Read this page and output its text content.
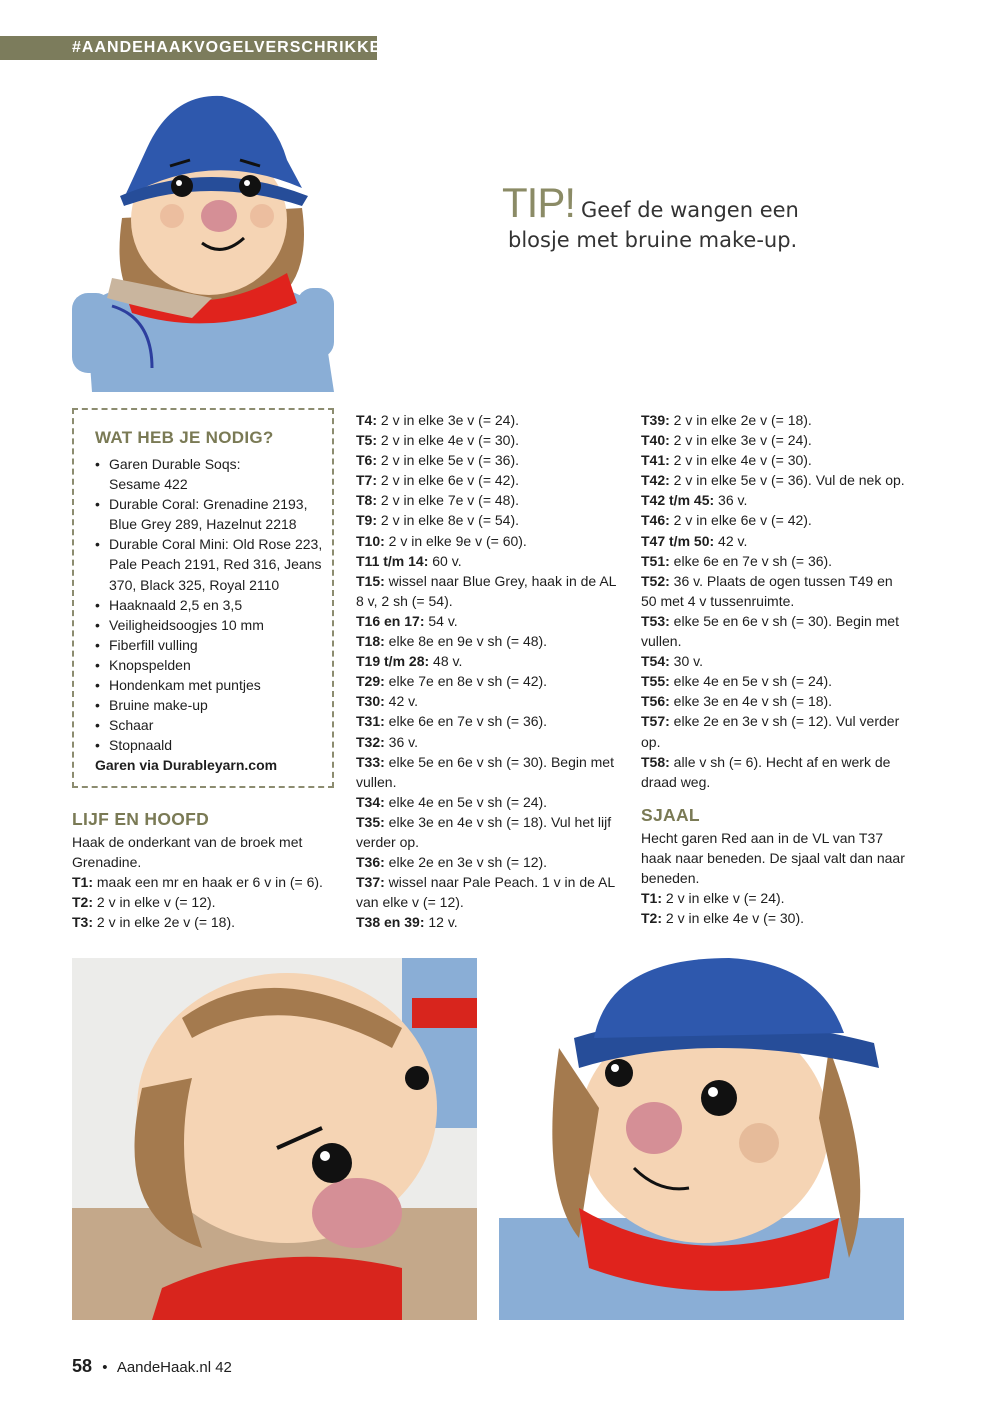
#AANDEHAAKVOGELVERSCHRIKKER
TIP! Geef de wangen een
blosje met bruine make-up.
WAT HEB JE NODIG?
• Garen Durable Soqs: Sesame 422
• Durable Coral: Grenadine 2193, Blue Grey 289, Hazelnut 2218
• Durable Coral Mini: Old Rose 223, Pale Peach 2191, Red 316, Jeans 370, Black 325, Royal 2110
• Haaknaald 2,5 en 3,5
• Veiligheidsoogjes 10 mm
• Fiberfill vulling
• Knopspelden
• Hondenkam met puntjes
• Bruine make-up
• Schaar
• Stopnaald
Garen via Durableyarn.com
LIJF EN HOOFD

Haak de onderkant van de broek met Grenadine.

T1: maak een mr en haak er 6 v in (= 6).

T2: 2 v in elke v (= 12).

T3: 2 v in elke 2e v (= 18).

T4: 2 v in elke 3e v (= 24).

T5: 2 v in elke 4e v (= 30).

T6: 2 v in elke 5e v (= 36).

T7: 2 v in elke 6e v (= 42).

T8: 2 v in elke 7e v (= 48).

T9: 2 v in elke 8e v (= 54).

T10: 2 v in elke 9e v (= 60).

T11 t/m 14: 60 v.

T15: wissel naar Blue Grey, haak in de AL 8 v, 2 sh (= 54).

T16 en 17: 54 v.

T18: elke 8e en 9e v sh (= 48).

T19 t/m 28: 48 v.

T29: elke 7e en 8e v sh (= 42).

T30: 42 v.

T31: elke 6e en 7e v sh (= 36).

T32: 36 v.

T33: elke 5e en 6e v sh (= 30). Begin met vullen.

T34: elke 4e en 5e v sh (= 24).

T35: elke 3e en 4e v sh (= 18). Vul het lijf verder op.

T36: elke 2e en 3e v sh (= 12).

T37: wissel naar Pale Peach. 1 v in de AL van elke v (= 12).

T38 en 39: 12 v.

T39: 2 v in elke 2e v (= 18).

T40: 2 v in elke 3e v (= 24).

T41: 2 v in elke 4e v (= 30).

T42: 2 v in elke 5e v (= 36). Vul de nek op.

T42 t/m 45: 36 v.

T46: 2 v in elke 6e v (= 42).

T47 t/m 50: 42 v.

T51: elke 6e en 7e v sh (= 36).

T52: 36 v. Plaats de ogen tussen T49 en 50 met 4 v tussenruimte.

T53: elke 5e en 6e v sh (= 30). Begin met vullen.

T54: 30 v.

T55: elke 4e en 5e v sh (= 24).

T56: elke 3e en 4e v sh (= 18).

T57: elke 2e en 3e v sh (= 12). Vul verder op.

T58: alle v sh (= 6). Hecht af en werk de draad weg.

SJAAL

Hecht garen Red aan in de VL van T37 haak naar beneden. De sjaal valt dan naar beneden.

T1: 2 v in elke v (= 24).

T2: 2 v in elke 4e v (= 30).

58 • AandeHaak.nl 42
